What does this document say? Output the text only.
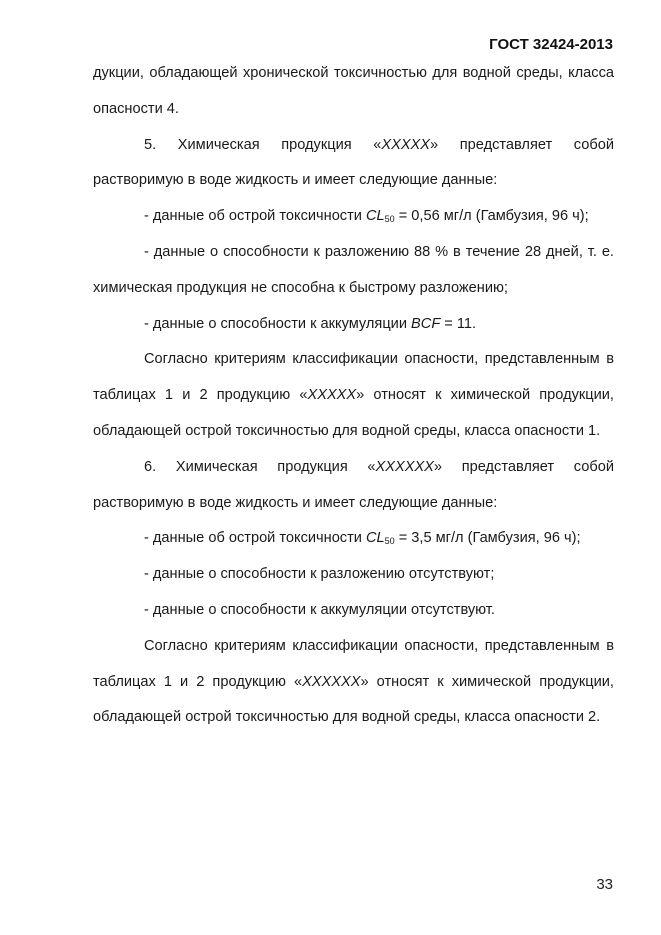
ГОСТ 32424-2013

дукции, обладающей хронической токсичностью для водной среды, класса опасности 4.

5. Химическая продукция «ХХХХХ» представляет собой растворимую в воде жидкость и имеет следующие данные:

- данные об острой токсичности $CL_{50} = 0,56$ мг/л (Гамбузия, 96 ч);

- данные о способности к разложению 88 % в течение 28 дней, т. е. химическая продукция не способна к быстрому разложению;

- данные о способности к аккумуляции BCF = 11.

Согласно критериям классификации опасности, представленным в таблицах 1 и 2 продукцию «ХХХХХ» относят к химической продукции, обладающей острой токсичностью для водной среды, класса опасности 1.

6. Химическая продукция «ХХХХХХ» представляет собой растворимую в воде жидкость и имеет следующие данные:

- данные об острой токсичности $CL_{50} = 3,5$ мг/л (Гамбузия, 96 ч);

- данные о способности к разложению отсутствуют;

- данные о способности к аккумуляции отсутствуют.

Согласно критериям классификации опасности, представленным в таблицах 1 и 2 продукцию «ХХХХХХ» относят к химической продукции, обладающей острой токсичностью для водной среды, класса опасности 2.

33
